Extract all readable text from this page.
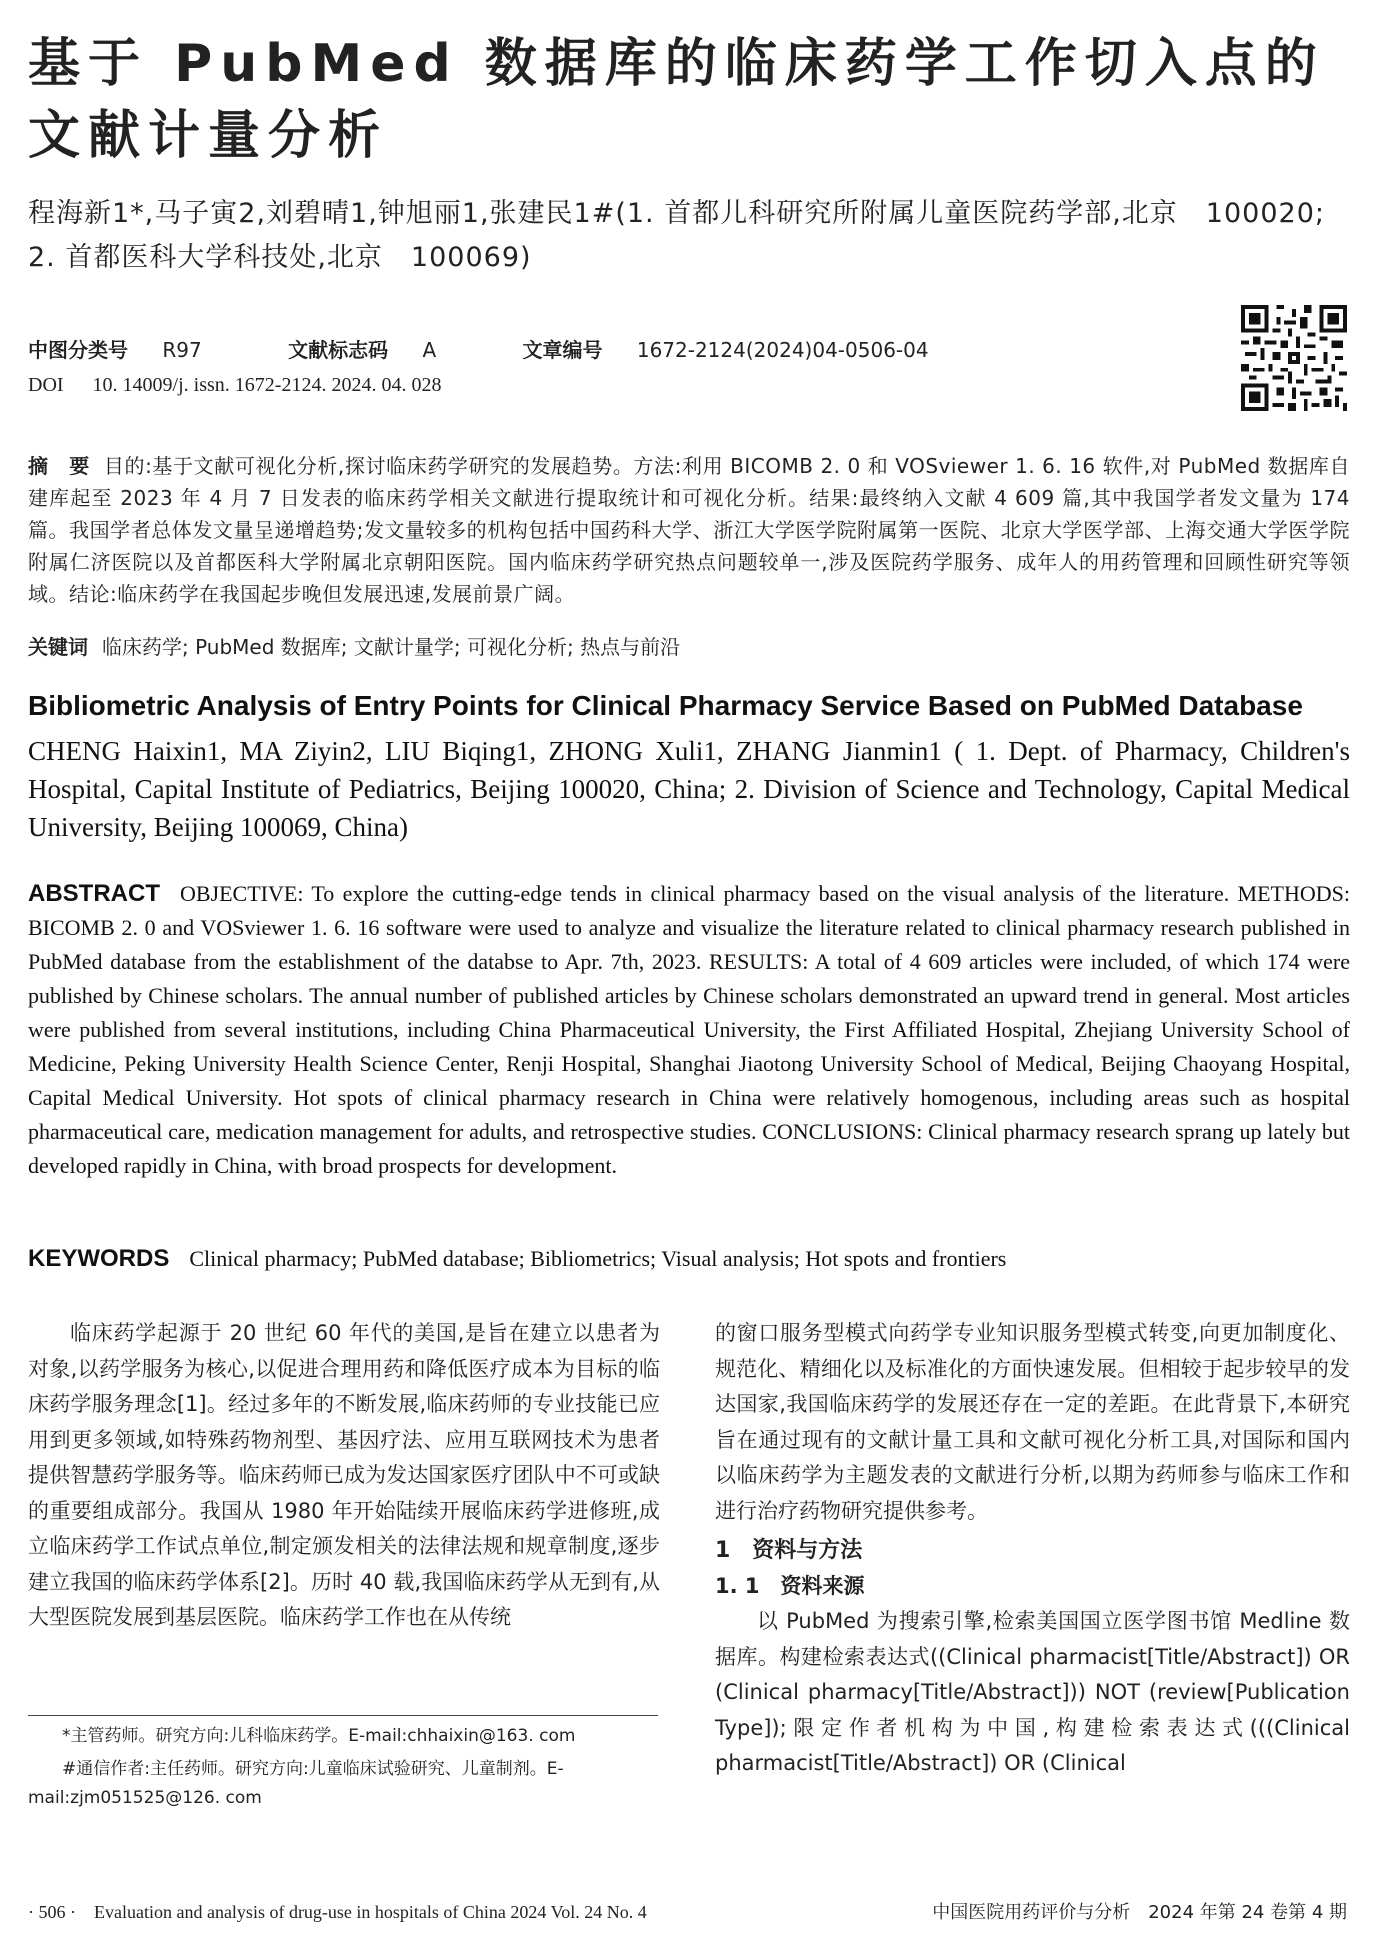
基于 PubMed 数据库的临床药学工作切入点的文献计量分析
程海新1*,马子寅2,刘碧晴1,钟旭丽1,张建民1#(1. 首都儿科研究所附属儿童医院药学部,北京　100020; 2. 首都医科大学科技处,北京　100069)
中图分类号 R97	文献标志码 A	文章编号 1672-2124(2024)04-0506-04
DOI 10. 14009/j. issn. 1672-2124. 2024. 04. 028
摘　要 目的:基于文献可视化分析,探讨临床药学研究的发展趋势。方法:利用 BICOMB 2. 0 和 VOSviewer 1. 6. 16 软件,对 PubMed 数据库自建库起至 2023 年 4 月 7 日发表的临床药学相关文献进行提取统计和可视化分析。结果:最终纳入文献 4 609 篇,其中我国学者发文量为 174 篇。我国学者总体发文量呈递增趋势;发文量较多的机构包括中国药科大学、浙江大学医学院附属第一医院、北京大学医学部、上海交通大学医学院附属仁济医院以及首都医科大学附属北京朝阳医院。国内临床药学研究热点问题较单一,涉及医院药学服务、成年人的用药管理和回顾性研究等领域。结论:临床药学在我国起步晚但发展迅速,发展前景广阔。
关键词 临床药学; PubMed 数据库; 文献计量学; 可视化分析; 热点与前沿
Bibliometric Analysis of Entry Points for Clinical Pharmacy Service Based on PubMed Database
CHENG Haixin1, MA Ziyin2, LIU Biqing1, ZHONG Xuli1, ZHANG Jianmin1 ( 1. Dept. of Pharmacy, Children's Hospital, Capital Institute of Pediatrics, Beijing 100020, China; 2. Division of Science and Technology, Capital Medical University, Beijing 100069, China)
ABSTRACT OBJECTIVE: To explore the cutting-edge tends in clinical pharmacy based on the visual analysis of the literature. METHODS: BICOMB 2. 0 and VOSviewer 1. 6. 16 software were used to analyze and visualize the literature related to clinical pharmacy research published in PubMed database from the establishment of the databse to Apr. 7th, 2023. RESULTS: A total of 4 609 articles were included, of which 174 were published by Chinese scholars. The annual number of published articles by Chinese scholars demonstrated an upward trend in general. Most articles were published from several institutions, including China Pharmaceutical University, the First Affiliated Hospital, Zhejiang University School of Medicine, Peking University Health Science Center, Renji Hospital, Shanghai Jiaotong University School of Medical, Beijing Chaoyang Hospital, Capital Medical University. Hot spots of clinical pharmacy research in China were relatively homogenous, including areas such as hospital pharmaceutical care, medication management for adults, and retrospective studies. CONCLUSIONS: Clinical pharmacy research sprang up lately but developed rapidly in China, with broad prospects for development.
KEYWORDS Clinical pharmacy; PubMed database; Bibliometrics; Visual analysis; Hot spots and frontiers

临床药学起源于 20 世纪 60 年代的美国,是旨在建立以患者为对象,以药学服务为核心,以促进合理用药和降低医疗成本为目标的临床药学服务理念[1]。经过多年的不断发展,临床药师的专业技能已应用到更多领域,如特殊药物剂型、基因疗法、应用互联网技术为患者提供智慧药学服务等。临床药师已成为发达国家医疗团队中不可或缺的重要组成部分。我国从 1980 年开始陆续开展临床药学进修班,成立临床药学工作试点单位,制定颁发相关的法律法规和规章制度,逐步建立我国的临床药学体系[2]。历时 40 载,我国临床药学从无到有,从大型医院发展到基层医院。临床药学工作也在从传统

的窗口服务型模式向药学专业知识服务型模式转变,向更加制度化、规范化、精细化以及标准化的方面快速发展。但相较于起步较早的发达国家,我国临床药学的发展还存在一定的差距。在此背景下,本研究旨在通过现有的文献计量工具和文献可视化分析工具,对国际和国内以临床药学为主题发表的文献进行分析,以期为药师参与临床工作和进行治疗药物研究提供参考。

1　资料与方法
1. 1　资料来源

以 PubMed 为搜索引擎,检索美国国立医学图书馆 Medline 数据库。构建检索表达式((Clinical pharmacist[Title/Abstract]) OR (Clinical pharmacy[Title/Abstract])) NOT (review[Publication Type]);限定作者机构为中国,构建检索表达式(((Clinical pharmacist[Title/Abstract]) OR (Clinical

*主管药师。研究方向:儿科临床药学。E-mail:chhaixin@163. com

#通信作者:主任药师。研究方向:儿童临床试验研究、儿童制剂。E-mail:zjm051525@126. com

· 506 ·　Evaluation and analysis of drug-use in hospitals of China 2024 Vol. 24 No. 4	中国医院用药评价与分析　2024 年第 24 卷第 4 期
